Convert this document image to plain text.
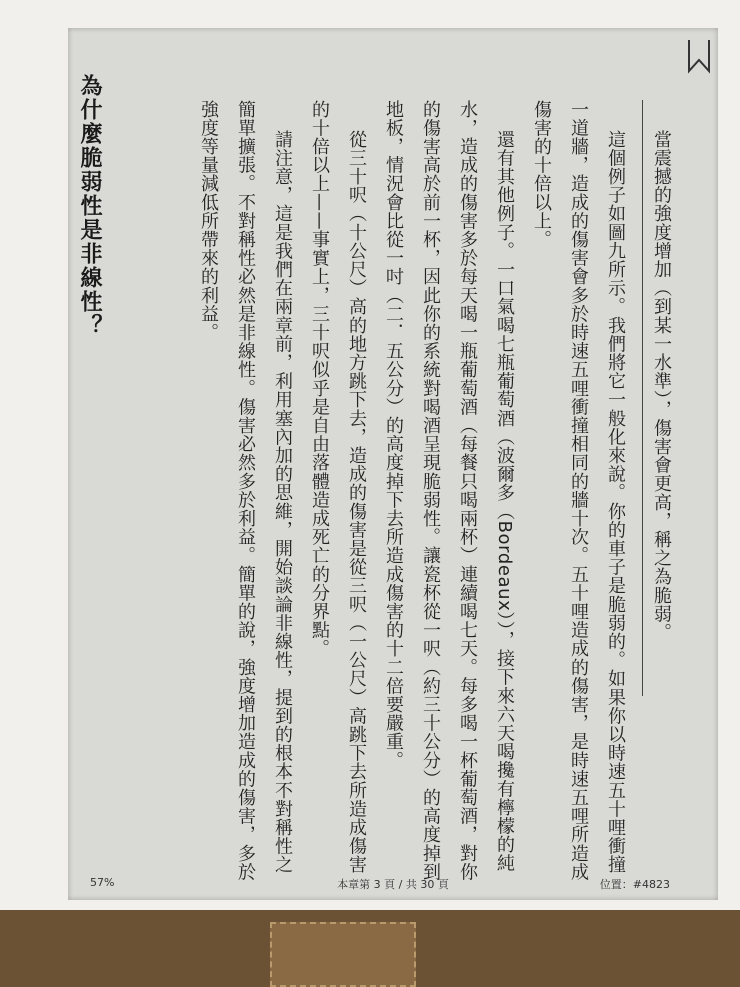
當震撼的強度增加（到某一水準），傷害會更高，稱之為脆弱。
這個例子如圖九所示。我們將它一般化來說。你的車子是脆弱的。如果你以時速五十哩衝撞
一道牆，造成的傷害會多於時速五哩衝撞相同的牆十次。五十哩造成的傷害，是時速五哩所造成
傷害的十倍以上。
還有其他例子。一口氣喝七瓶葡萄酒（波爾多（Bordeaux）），接下來六天喝攙有檸檬的純
水，造成的傷害多於每天喝一瓶葡萄酒（每餐只喝兩杯）連續喝七天。每多喝一杯葡萄酒，對你
的傷害高於前一杯，因此你的系統對喝酒呈現脆弱性。讓瓷杯從一呎（約三十公分）的高度掉到
地板，情況會比從一吋（二．五公分）的高度掉下去所造成傷害的十二倍要嚴重。
從三十呎（十公尺）高的地方跳下去，造成的傷害是從三呎（一公尺）高跳下去所造成傷害
的十倍以上——事實上，三十呎似乎是自由落體造成死亡的分界點。
請注意，這是我們在兩章前，利用塞內加的思維，開始談論非線性，提到的根本不對稱性之
簡單擴張。不對稱性必然是非線性。傷害必然多於利益。簡單的說，強度增加造成的傷害，多於
強度等量減低所帶來的利益。
為什麼脆弱性是非線性？
57%	本章第 3 頁 / 共 30 頁	位置：#4823
